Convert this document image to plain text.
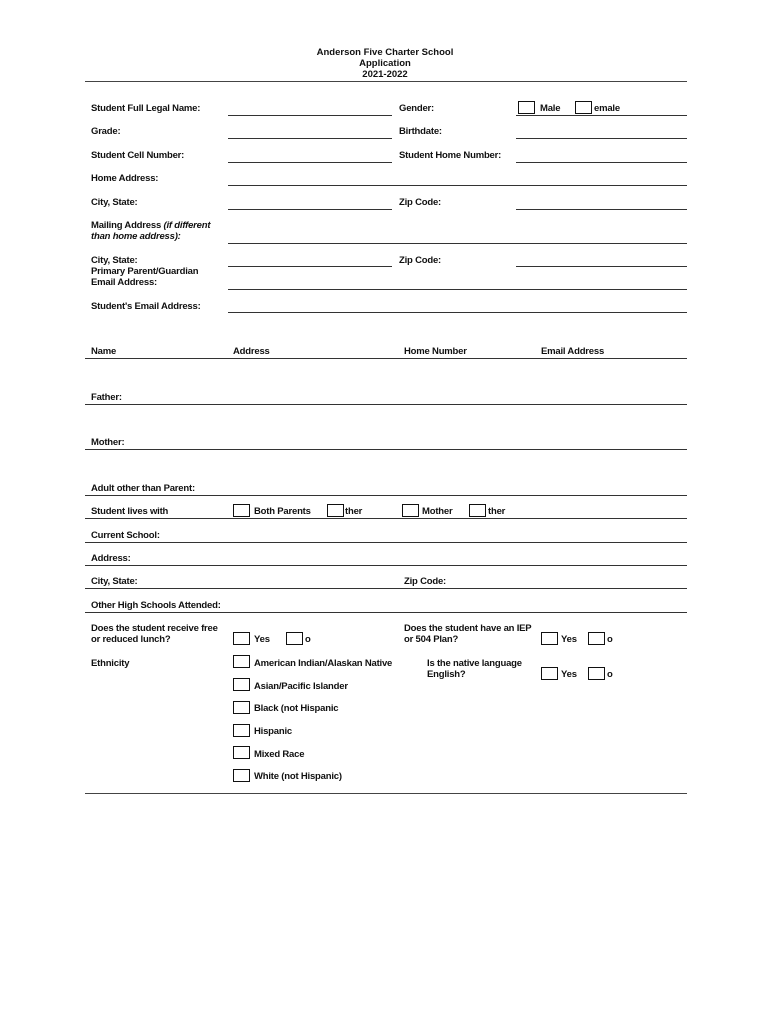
Anderson Five Charter School
Application
2021-2022
Student Full Legal Name:	Gender:	Male	emale
Grade:	Birthdate:
Student Cell Number:	Student Home Number:
Home Address:
City, State:	Zip Code:
Mailing Address (if different
than home address):
City, State:	Zip Code:
Primary Parent/Guardian
Email Address:
Student's Email Address:
Name	Address	Home Number	Email Address
Father:
Mother:
Adult other than Parent:
Student lives with	Both Parents	ther	Mother	ther
Current School:
Address:
City, State:	Zip Code:
Other High Schools Attended:
Does the student receive free
or reduced lunch?	Yes	o
Does the student have an IEP
or 504 Plan?	Yes	o
Ethnicity	American Indian/Alaskan Native
Asian/Pacific Islander
Black (not Hispanic
Hispanic
Mixed Race
White (not Hispanic)
Is the native language
English?	Yes	o
